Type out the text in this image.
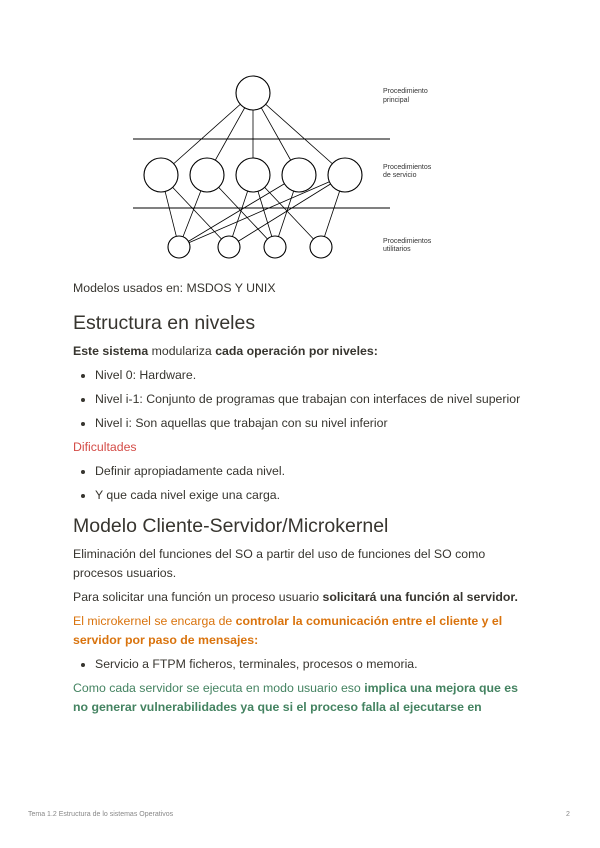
Procedimiento
principal
Procedimientos
de servicio
Procedimientos
utilitarios

Modelos usados en: MSDOS Y UNIX

Estructura en niveles

Este sistema modulariza cada operación por niveles:

• Nivel 0: Hardware.
• Nivel i-1: Conjunto de programas que trabajan con interfaces de nivel superior
• Nivel i: Son aquellas que trabajan con su nivel inferior

Dificultades

• Definir apropiadamente cada nivel.
• Y que cada nivel exige una carga.
Modelo Cliente-Servidor/Microkernel

Eliminación del funciones del SO a partir del uso de funciones del SO como procesos usuarios.

Para solicitar una función un proceso usuario solicitará una función al servidor.

El microkernel se encarga de controlar la comunicación entre el cliente y el servidor por paso de mensajes:

• Servicio a FTPM ficheros, terminales, procesos o memoria.

Como cada servidor se ejecuta en modo usuario eso implica una mejora que es no generar vulnerabilidades ya que si el proceso falla al ejecutarse en

Tema 1.2 Estructura de lo sistemas Operativos	2
